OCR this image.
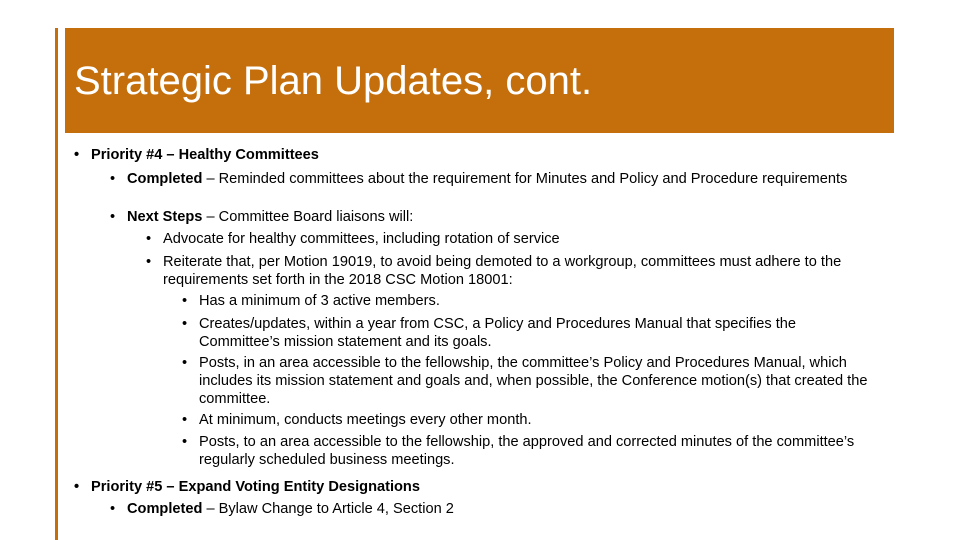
Strategic Plan Updates, cont.
• Priority #4 – Healthy Committees
• Completed – Reminded committees about the requirement for Minutes and Policy and Procedure requirements
• Next Steps – Committee Board liaisons will:
• Advocate for healthy committees, including rotation of service
• Reiterate that, per Motion 19019, to avoid being demoted to a workgroup, committees must adhere to the requirements set forth in the 2018 CSC Motion 18001:
• Has a minimum of 3 active members.
• Creates/updates, within a year from CSC, a Policy and Procedures Manual that specifies the Committee’s mission statement and its goals.
• Posts, in an area accessible to the fellowship, the committee’s Policy and Procedures Manual, which includes its mission statement and goals and, when possible, the Conference motion(s) that created the committee.
• At minimum, conducts meetings every other month.
• Posts, to an area accessible to the fellowship, the approved and corrected minutes of the committee’s regularly scheduled business meetings.
• Priority #5 – Expand Voting Entity Designations
• Completed – Bylaw Change to Article 4, Section 2
